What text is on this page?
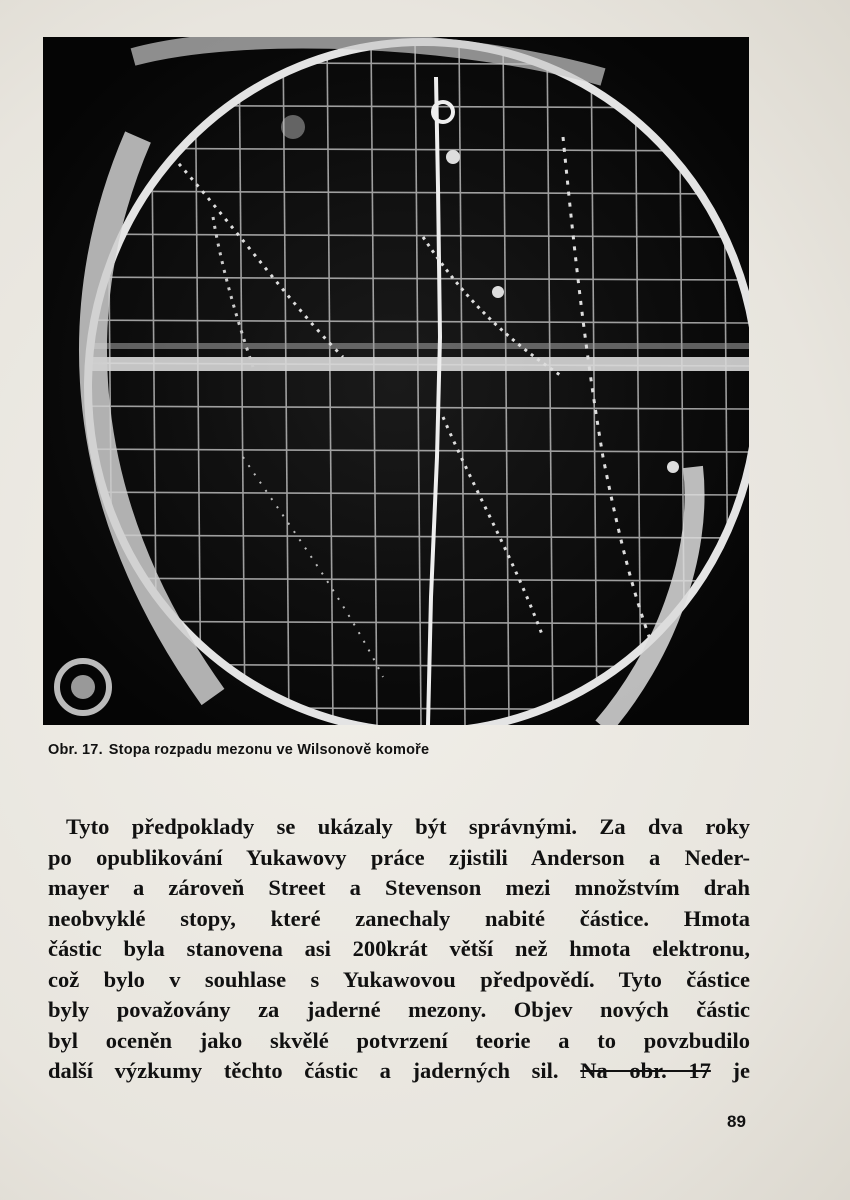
Obr. 17. Stopa rozpadu mezonu ve Wilsonově komoře
Tyto předpoklady se ukázaly být správnými. Za dva roky
po opublikování Yukawovy práce zjistili Anderson a Neder-
mayer a zároveň Street a Stevenson mezi množstvím drah
neobvyklé stopy, které zanechaly nabité částice. Hmota
částic byla stanovena asi 200krát větší než hmota elektronu,
což bylo v souhlase s Yukawovou předpovědí. Tyto částice
byly považovány za jaderné mezony. Objev nových částic
byl oceněn jako skvělé potvrzení teorie a to povzbudilo
další výzkumy těchto částic a jaderných sil. Na obr. 17 je
89
